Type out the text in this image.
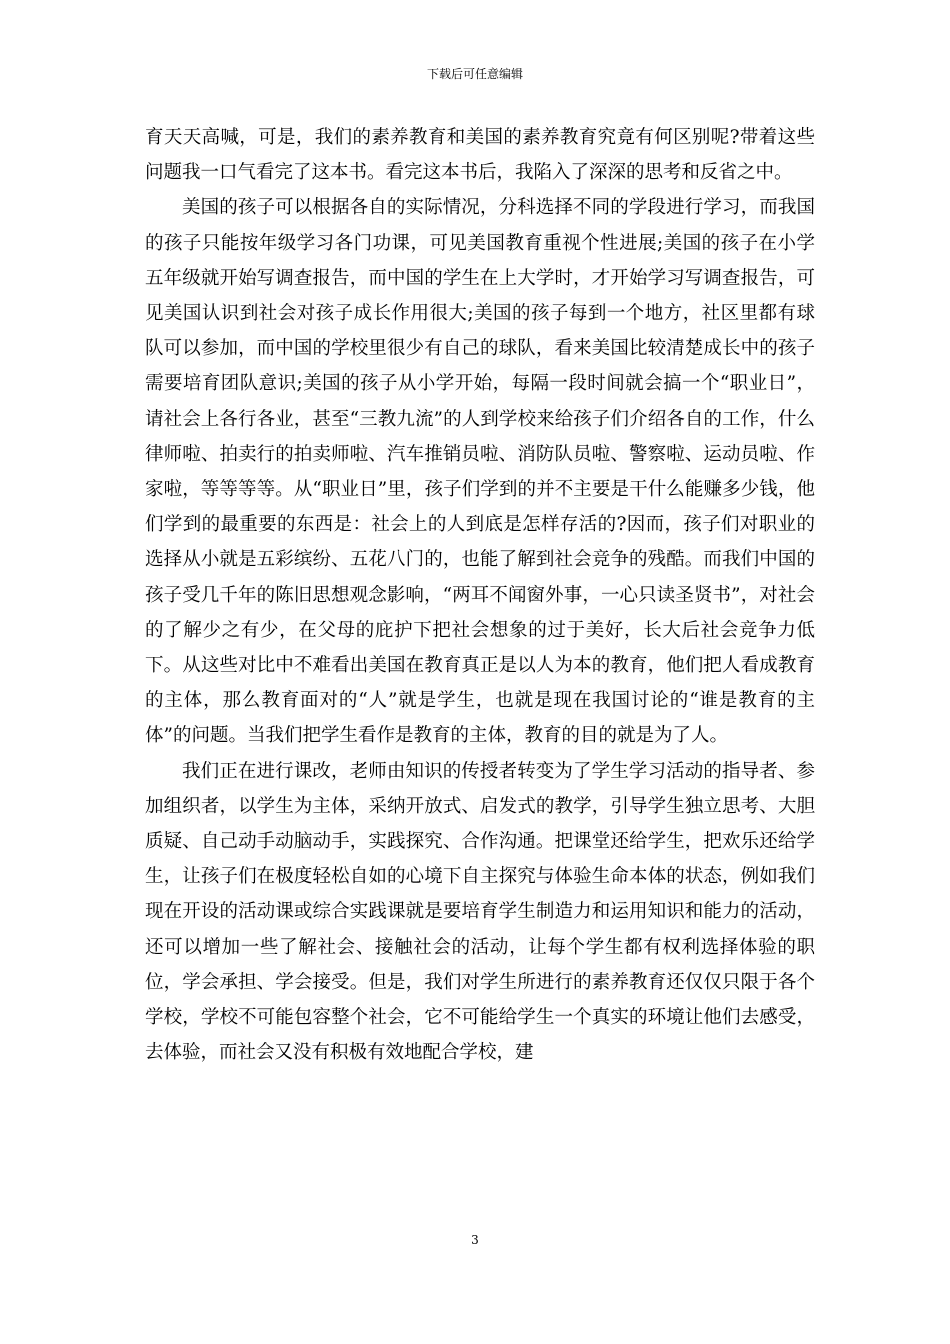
下载后可任意编辑

育天天高喊，可是，我们的素养教育和美国的素养教育究竟有何区别呢?带着这些问题我一口气看完了这本书。看完这本书后，我陷入了深深的思考和反省之中。

美国的孩子可以根据各自的实际情况，分科选择不同的学段进行学习，而我国的孩子只能按年级学习各门功课，可见美国教育重视个性进展;美国的孩子在小学五年级就开始写调查报告，而中国的学生在上大学时，才开始学习写调查报告，可见美国认识到社会对孩子成长作用很大;美国的孩子每到一个地方，社区里都有球队可以参加，而中国的学校里很少有自己的球队，看来美国比较清楚成长中的孩子需要培育团队意识;美国的孩子从小学开始，每隔一段时间就会搞一个“职业日”，请社会上各行各业，甚至“三教九流”的人到学校来给孩子们介绍各自的工作，什么律师啦、拍卖行的拍卖师啦、汽车推销员啦、消防队员啦、警察啦、运动员啦、作家啦，等等等等。从“职业日”里，孩子们学到的并不主要是干什么能赚多少钱，他们学到的最重要的东西是：社会上的人到底是怎样存活的?因而，孩子们对职业的选择从小就是五彩缤纷、五花八门的，也能了解到社会竞争的残酷。而我们中国的孩子受几千年的陈旧思想观念影响，“两耳不闻窗外事，一心只读圣贤书”，对社会的了解少之有少，在父母的庇护下把社会想象的过于美好，长大后社会竞争力低下。从这些对比中不难看出美国在教育真正是以人为本的教育，他们把人看成教育的主体，那么教育面对的“人”就是学生，也就是现在我国讨论的“谁是教育的主体”的问题。当我们把学生看作是教育的主体，教育的目的就是为了人。

我们正在进行课改，老师由知识的传授者转变为了学生学习活动的指导者、参加组织者，以学生为主体，采纳开放式、启发式的教学，引导学生独立思考、大胆质疑、自己动手动脑动手，实践探究、合作沟通。把课堂还给学生，把欢乐还给学生，让孩子们在极度轻松自如的心境下自主探究与体验生命本体的状态，例如我们现在开设的活动课或综合实践课就是要培育学生制造力和运用知识和能力的活动，还可以增加一些了解社会、接触社会的活动，让每个学生都有权利选择体验的职位，学会承担、学会接受。但是，我们对学生所进行的素养教育还仅仅只限于各个学校，学校不可能包容整个社会，它不可能给学生一个真实的环境让他们去感受，去体验，而社会又没有积极有效地配合学校，建

3
